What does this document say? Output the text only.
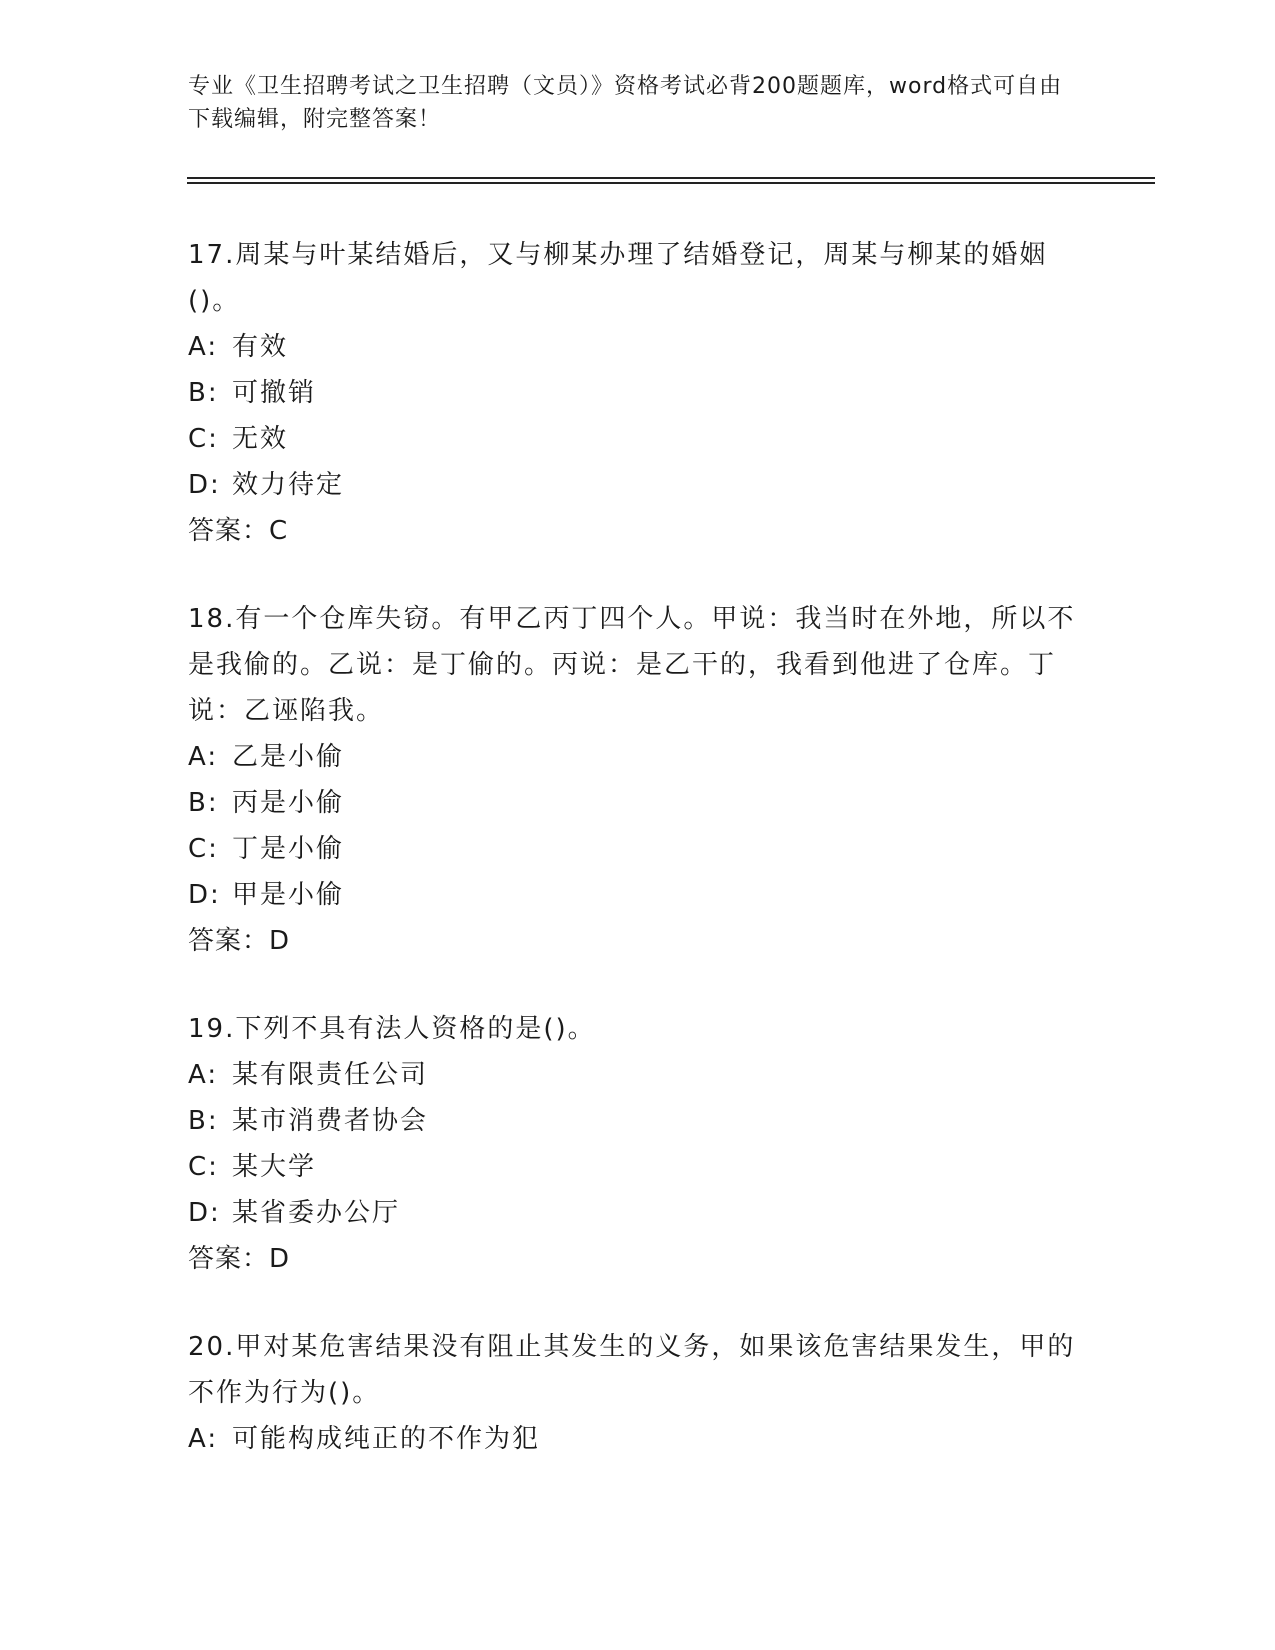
专业《卫生招聘考试之卫生招聘（文员）》资格考试必背200题题库，word格式可自由下载编辑，附完整答案！
17.周某与叶某结婚后，又与柳某办理了结婚登记，周某与柳某的婚姻()。
A: 有效
B: 可撤销
C: 无效
D: 效力待定
答案：C
18.有一个仓库失窃。有甲乙丙丁四个人。甲说：我当时在外地，所以不是我偷的。乙说：是丁偷的。丙说：是乙干的，我看到他进了仓库。丁说：乙诬陷我。
A: 乙是小偷
B: 丙是小偷
C: 丁是小偷
D: 甲是小偷
答案：D
19.下列不具有法人资格的是()。
A: 某有限责任公司
B: 某市消费者协会
C: 某大学
D: 某省委办公厅
答案：D
20.甲对某危害结果没有阻止其发生的义务，如果该危害结果发生，甲的不作为行为()。
A: 可能构成纯正的不作为犯
